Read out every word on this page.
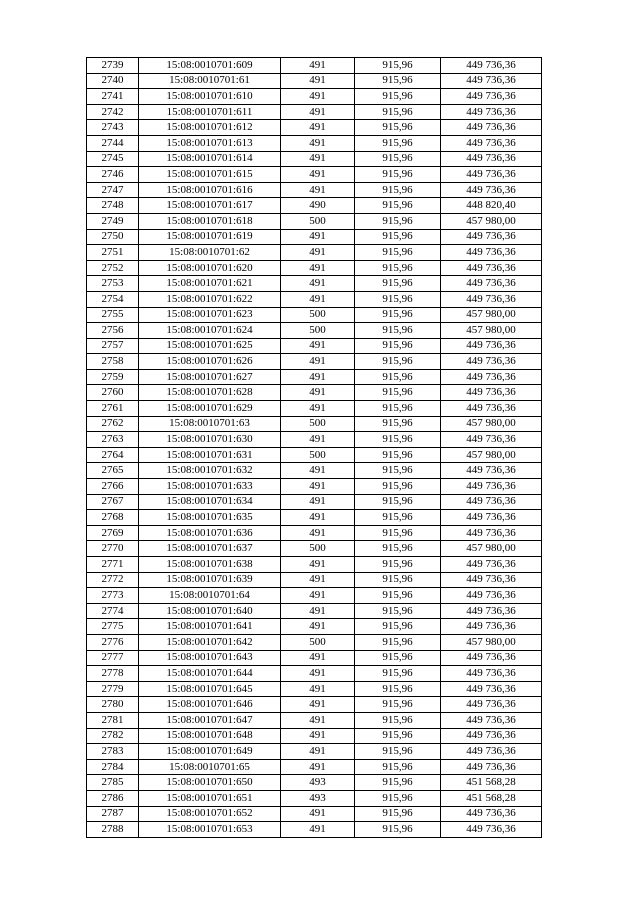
2739	15:08:0010701:609	491	915,96	449 736,36
2740	15:08:0010701:61	491	915,96	449 736,36
2741	15:08:0010701:610	491	915,96	449 736,36
2742	15:08:0010701:611	491	915,96	449 736,36
2743	15:08:0010701:612	491	915,96	449 736,36
2744	15:08:0010701:613	491	915,96	449 736,36
2745	15:08:0010701:614	491	915,96	449 736,36
2746	15:08:0010701:615	491	915,96	449 736,36
2747	15:08:0010701:616	491	915,96	449 736,36
2748	15:08:0010701:617	490	915,96	448 820,40
2749	15:08:0010701:618	500	915,96	457 980,00
2750	15:08:0010701:619	491	915,96	449 736,36
2751	15:08:0010701:62	491	915,96	449 736,36
2752	15:08:0010701:620	491	915,96	449 736,36
2753	15:08:0010701:621	491	915,96	449 736,36
2754	15:08:0010701:622	491	915,96	449 736,36
2755	15:08:0010701:623	500	915,96	457 980,00
2756	15:08:0010701:624	500	915,96	457 980,00
2757	15:08:0010701:625	491	915,96	449 736,36
2758	15:08:0010701:626	491	915,96	449 736,36
2759	15:08:0010701:627	491	915,96	449 736,36
2760	15:08:0010701:628	491	915,96	449 736,36
2761	15:08:0010701:629	491	915,96	449 736,36
2762	15:08:0010701:63	500	915,96	457 980,00
2763	15:08:0010701:630	491	915,96	449 736,36
2764	15:08:0010701:631	500	915,96	457 980,00
2765	15:08:0010701:632	491	915,96	449 736,36
2766	15:08:0010701:633	491	915,96	449 736,36
2767	15:08:0010701:634	491	915,96	449 736,36
2768	15:08:0010701:635	491	915,96	449 736,36
2769	15:08:0010701:636	491	915,96	449 736,36
2770	15:08:0010701:637	500	915,96	457 980,00
2771	15:08:0010701:638	491	915,96	449 736,36
2772	15:08:0010701:639	491	915,96	449 736,36
2773	15:08:0010701:64	491	915,96	449 736,36
2774	15:08:0010701:640	491	915,96	449 736,36
2775	15:08:0010701:641	491	915,96	449 736,36
2776	15:08:0010701:642	500	915,96	457 980,00
2777	15:08:0010701:643	491	915,96	449 736,36
2778	15:08:0010701:644	491	915,96	449 736,36
2779	15:08:0010701:645	491	915,96	449 736,36
2780	15:08:0010701:646	491	915,96	449 736,36
2781	15:08:0010701:647	491	915,96	449 736,36
2782	15:08:0010701:648	491	915,96	449 736,36
2783	15:08:0010701:649	491	915,96	449 736,36
2784	15:08:0010701:65	491	915,96	449 736,36
2785	15:08:0010701:650	493	915,96	451 568,28
2786	15:08:0010701:651	493	915,96	451 568,28
2787	15:08:0010701:652	491	915,96	449 736,36
2788	15:08:0010701:653	491	915,96	449 736,36
